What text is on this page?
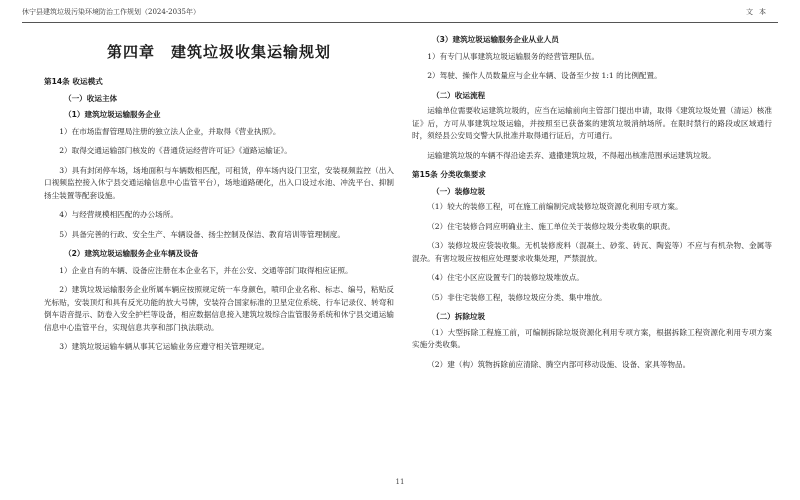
休宁县建筑垃圾污染环境防治工作规划（2024-2035年）	文本
第四章　建筑垃圾收集运输规划
第14条 收运模式
（一）收运主体
（1）建筑垃圾运输服务企业

1）在市场监督管理局注册的独立法人企业，并取得《营业执照》。

2）取得交通运输部门核发的《普通货运经营许可证》《道路运输证》。

3）具有封闭停车场，场地面积与车辆数相匹配，可租赁，停车场内设门卫室，安装视频监控（出入口视频监控接入休宁县交通运输信息中心监管平台），场地道路硬化，出入口设过水池、冲洗平台、抑制扬尘装置等配套设施。

4）与经营规模相匹配的办公场所。

5）具备完善的行政、安全生产、车辆设备、扬尘控制及保洁、教育培训等管理制度。

（2）建筑垃圾运输服务企业车辆及设备

1）企业自有的车辆、设备应注册在本企业名下，并在公安、交通等部门取得相应证照。

2）建筑垃圾运输服务企业所属车辆应按照规定统一车身颜色，喷印企业名称、标志、编号，粘贴反光标贴，安装顶灯和具有反光功能的放大号牌，安装符合国家标准的卫星定位系统、行车记录仪、转弯和倒车语音提示、防卷入安全护栏等设备，相应数据信息接入建筑垃圾综合监管服务系统和休宁县交通运输信息中心监管平台，实现信息共享和部门执法联动。

3）建筑垃圾运输车辆从事其它运输业务应遵守相关管理规定。

（3）建筑垃圾运输服务企业从业人员

1）有专门从事建筑垃圾运输服务的经营管理队伍。

2）驾驶、操作人员数量应与企业车辆、设备至少按 1:1 的比例配置。

（二）收运流程

运输单位需要收运建筑垃圾的，应当在运输前向主管部门提出申请，取得《建筑垃圾处置（清运）核准证》后，方可从事建筑垃圾运输，并按照至已获备案的建筑垃圾消纳场所。在限时禁行的路段或区域通行时，须经县公安局交警大队批准并取得通行证后，方可通行。

运输建筑垃圾的车辆不得沿途丢弃、遗撒建筑垃圾，不得超出核准范围承运建筑垃圾。

第15条 分类收集要求
（一）装修垃圾

（1）较大的装修工程，可在施工前编制完成装修垃圾资源化利用专项方案。

（2）住宅装修合同应明确业主、施工单位关于装修垃圾分类收集的职责。

（3）装修垃圾应袋装收集。无机装修废料（混凝土、砂浆、砖瓦、陶瓷等）不应与有机杂物、金属等混杂。有害垃圾应按相应处理要求收集处理，严禁混放。

（4）住宅小区应设置专门的装修垃圾堆放点。

（5）非住宅装修工程，装修垃圾应分类、集中堆放。

（二）拆除垃圾

（1）大型拆除工程施工前，可编制拆除垃圾资源化利用专项方案，根据拆除工程资源化利用专项方案实施分类收集。

（2）建（构）筑物拆除前应清除、腾空内部可移动设施、设备、家具等物品。

11
